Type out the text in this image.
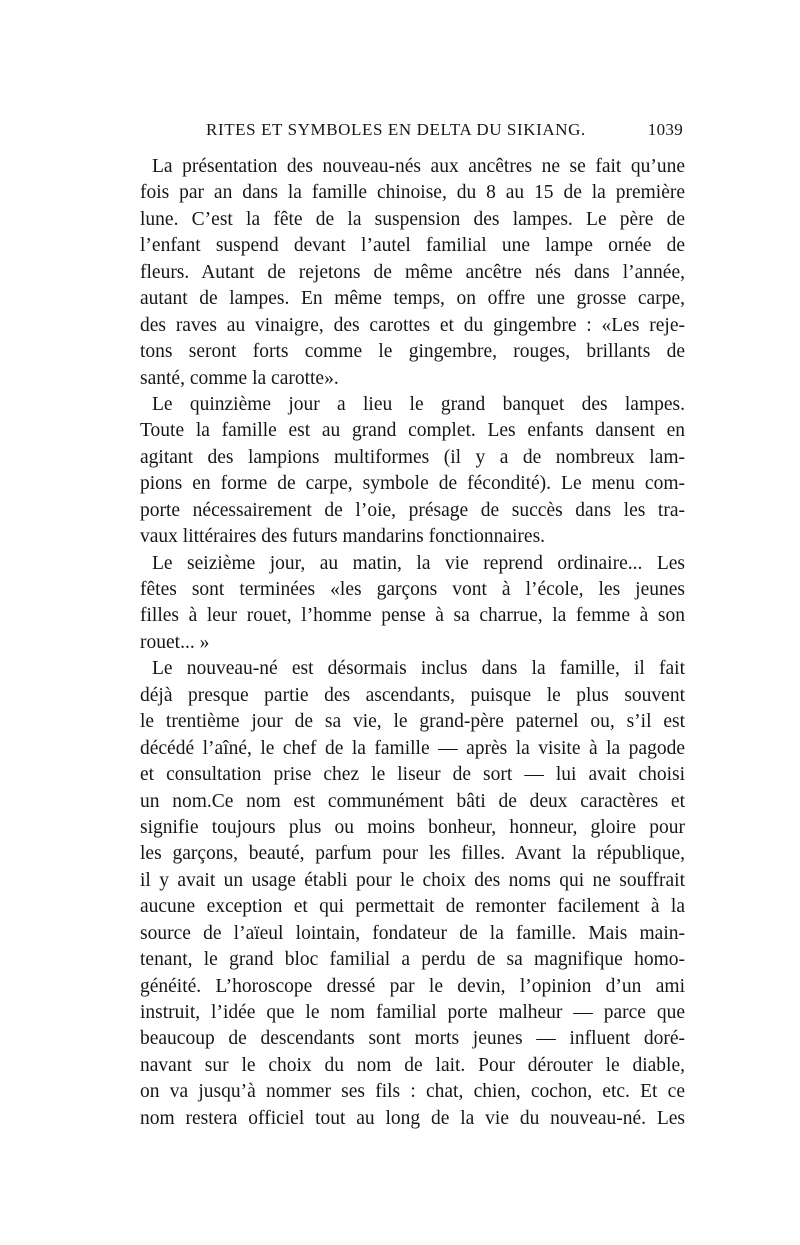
RITES ET SYMBOLES EN DELTA DU SIKIANG.	1039
La présentation des nouveau-nés aux ancêtres ne se fait qu’une
fois par an dans la famille chinoise, du 8 au 15 de la première
lune. C’est la fête de la suspension des lampes. Le père de
l’enfant suspend devant l’autel familial une lampe ornée de
fleurs. Autant de rejetons de même ancêtre nés dans l’année,
autant de lampes. En même temps, on offre une grosse carpe,
des raves au vinaigre, des carottes et du gingembre : «Les reje-
tons seront forts comme le gingembre, rouges, brillants de
santé, comme la carotte».
Le quinzième jour a lieu le grand banquet des lampes.
Toute la famille est au grand complet. Les enfants dansent en
agitant des lampions multiformes (il y a de nombreux lam-
pions en forme de carpe, symbole de fécondité). Le menu com-
porte nécessairement de l’oie, présage de succès dans les tra-
vaux littéraires des futurs mandarins fonctionnaires.
Le seizième jour, au matin, la vie reprend ordinaire... Les
fêtes sont terminées «les garçons vont à l’école, les jeunes
filles à leur rouet, l’homme pense à sa charrue, la femme à son
rouet... »
Le nouveau-né est désormais inclus dans la famille, il fait
déjà presque partie des ascendants, puisque le plus souvent
le trentième jour de sa vie, le grand-père paternel ou, s’il est
décédé l’aîné, le chef de la famille — après la visite à la pagode
et consultation prise chez le liseur de sort — lui avait choisi
un nom.Ce nom est communément bâti de deux caractères et
signifie toujours plus ou moins bonheur, honneur, gloire pour
les garçons, beauté, parfum pour les filles. Avant la république,
il y avait un usage établi pour le choix des noms qui ne souffrait
aucune exception et qui permettait de remonter facilement à la
source de l’aïeul lointain, fondateur de la famille. Mais main-
tenant, le grand bloc familial a perdu de sa magnifique homo-
généité. L’horoscope dressé par le devin, l’opinion d’un ami
instruit, l’idée que le nom familial porte malheur — parce que
beaucoup de descendants sont morts jeunes — influent doré-
navant sur le choix du nom de lait. Pour dérouter le diable,
on va jusqu’à nommer ses fils : chat, chien, cochon, etc. Et ce
nom restera officiel tout au long de la vie du nouveau-né. Les
